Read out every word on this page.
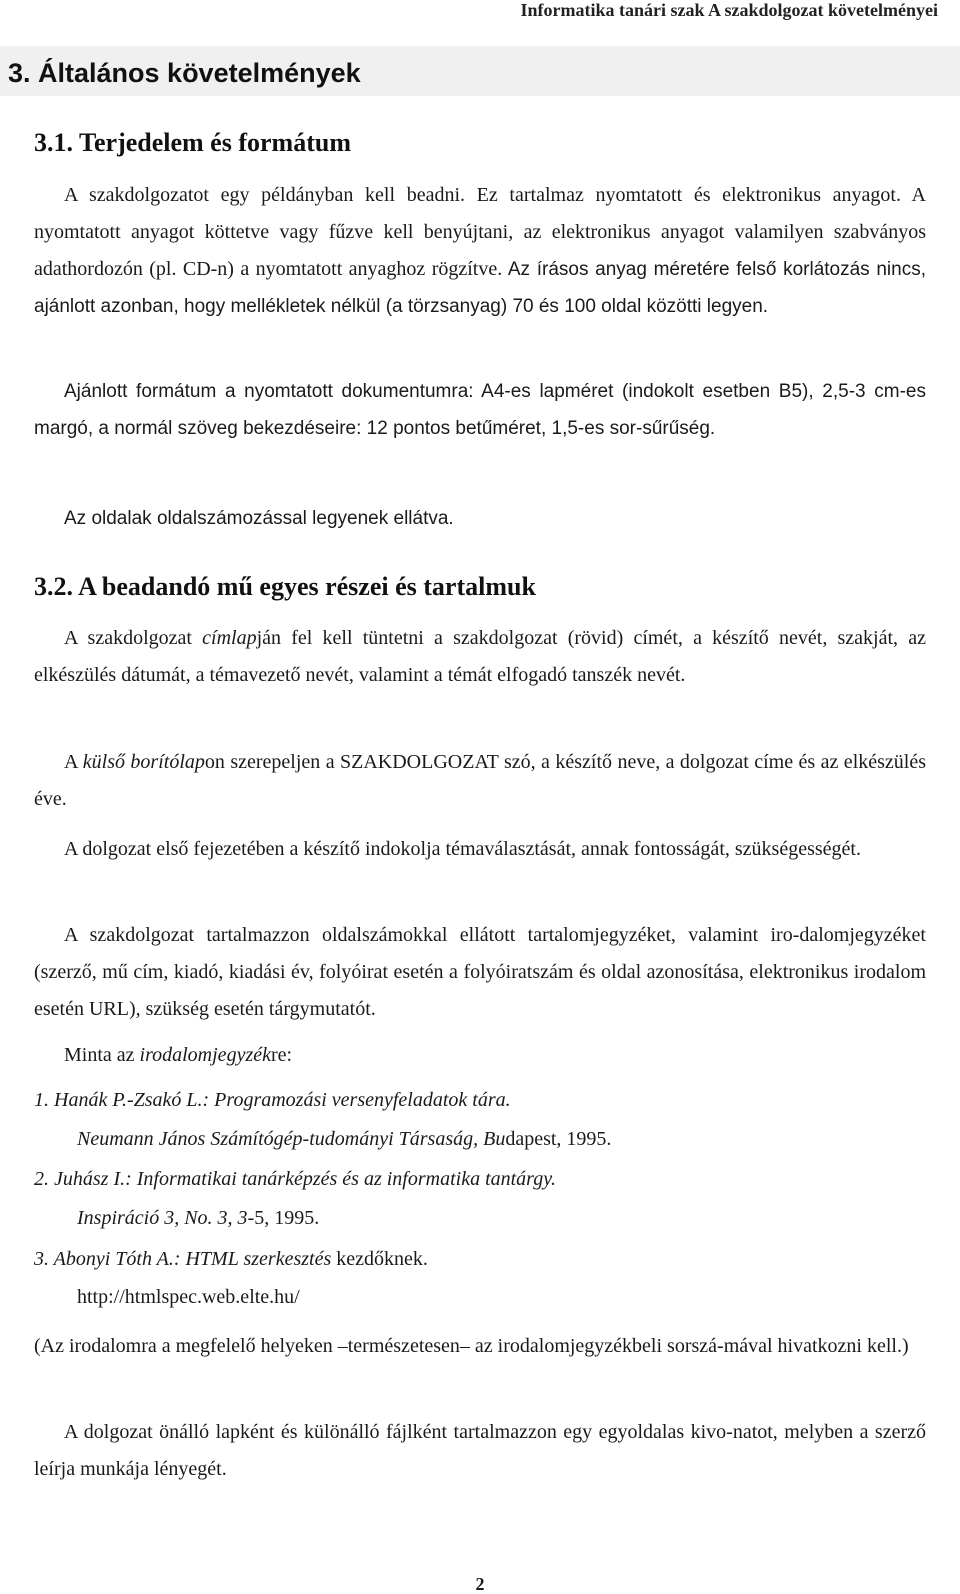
Informatika tanári szak A szakdolgozat követelményei
3. Általános követelmények
3.1. Terjedelem és formátum

A szakdolgozatot egy példányban kell beadni. Ez tartalmaz nyomtatott és elektronikus anyagot. A nyomtatott anyagot köttetve vagy fűzve kell benyújtani, az elektronikus anyagot valamilyen szabványos adathordozón (pl. CD-n) a nyomtatott anyaghoz rögzítve. Az írásos anyag méretére felső korlátozás nincs, ajánlott azonban, hogy mellékletek nélkül (a törzsanyag) 70 és 100 oldal közötti legyen.

Ajánlott formátum a nyomtatott dokumentumra: A4-es lapméret (indokolt esetben B5), 2,5-3 cm-es margó, a normál szöveg bekezdéseire: 12 pontos betűméret, 1,5-es sor-sűrűség.

Az oldalak oldalszámozással legyenek ellátva.

3.2. A beadandó mű egyes részei és tartalmuk

A szakdolgozat címlapján fel kell tüntetni a szakdolgozat (rövid) címét, a készítő nevét, szakját, az elkészülés dátumát, a témavezető nevét, valamint a témát elfogadó tanszék nevét.

A külső borítólapon szerepeljen a SZAKDOLGOZAT szó, a készítő neve, a dolgozat címe és az elkészülés éve.

A dolgozat első fejezetében a készítő indokolja témaválasztását, annak fontosságát, szükségességét.

A szakdolgozat tartalmazzon oldalszámokkal ellátott tartalomjegyzéket, valamint iro-dalomjegyzéket (szerző, mű cím, kiadó, kiadási év, folyóirat esetén a folyóiratszám és oldal azonosítása, elektronikus irodalom esetén URL), szükség esetén tárgymutatót.

Minta az irodalomjegyzékre:

1. Hanák P.-Zsakó L.: Programozási versenyfeladatok tára.

Neumann János Számítógép-tudományi Társaság, Budapest, 1995.

2. Juhász I.: Informatikai tanárképzés és az informatika tantárgy.

Inspiráció 3, No. 3, 3-5, 1995.

3. Abonyi Tóth A.: HTML szerkesztés kezdőknek.

http://htmlspec.web.elte.hu/

(Az irodalomra a megfelelő helyeken –természetesen– az irodalomjegyzékbeli sorszá-mával hivatkozni kell.)

A dolgozat önálló lapként és különálló fájlként tartalmazzon egy egyoldalas kivo-natot, melyben a szerző leírja munkája lényegét.

2
